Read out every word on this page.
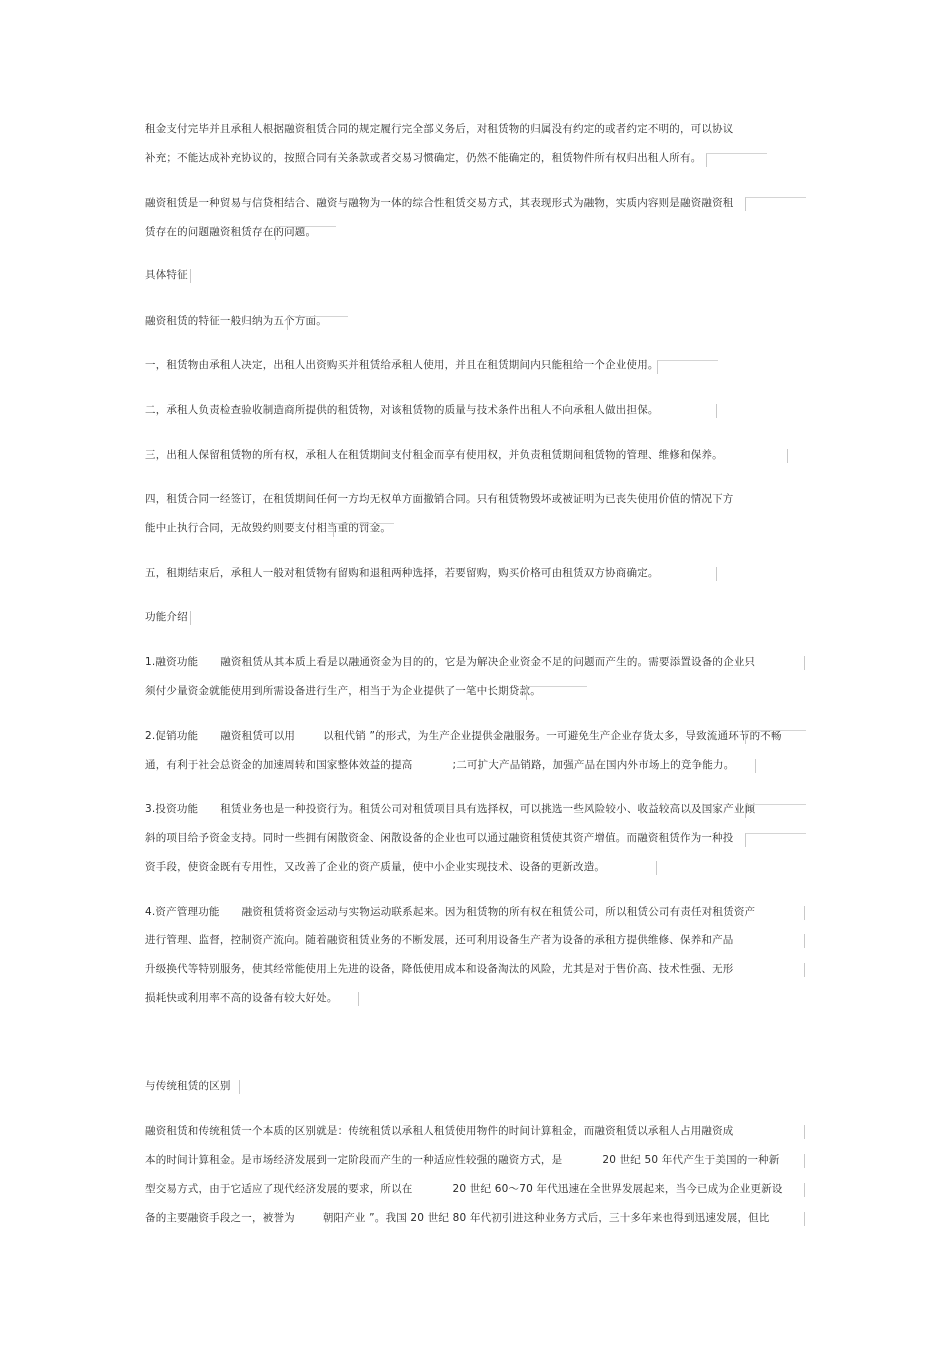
租金支付完毕并且承租人根据融资租赁合同的规定履行完全部义务后，对租赁物的归属没有约定的或者约定不明的，可以协议
补充；不能达成补充协议的，按照合同有关条款或者交易习惯确定，仍然不能确定的，租赁物件所有权归出租人所有。
融资租赁是一种贸易与信贷相结合、融资与融物为一体的综合性租赁交易方式，其表现形式为融物，实质内容则是融资融资租
赁存在的问题融资租赁存在的问题。
具体特征
融资租赁的特征一般归纳为五个方面。
一，租赁物由承租人决定，出租人出资购买并租赁给承租人使用，并且在租赁期间内只能租给一个企业使用。
二，承租人负责检查验收制造商所提供的租赁物，对该租赁物的质量与技术条件出租人不向承租人做出担保。
三，出租人保留租赁物的所有权，承租人在租赁期间支付租金而享有使用权，并负责租赁期间租赁物的管理、维修和保养。
四，租赁合同一经签订，在租赁期间任何一方均无权单方面撤销合同。只有租赁物毁坏或被证明为已丧失使用价值的情况下方
能中止执行合同，无故毁约则要支付相当重的罚金。
五，租期结束后，承租人一般对租赁物有留购和退租两种选择，若要留购，购买价格可由租赁双方协商确定。
功能介绍
1.融资功能 融资租赁从其本质上看是以融通资金为目的的，它是为解决企业资金不足的问题而产生的。需要添置设备的企业只
须付少量资金就能使用到所需设备进行生产，相当于为企业提供了一笔中长期贷款。
2.促销功能 融资租赁可以用	以租代销 ”的形式，为生产企业提供金融服务。一可避免生产企业存货太多，导致流通环节的不畅
通，有利于社会总资金的加速周转和国家整体效益的提高	;二可扩大产品销路，加强产品在国内外市场上的竞争能力。
3.投资功能 租赁业务也是一种投资行为。租赁公司对租赁项目具有选择权，可以挑选一些风险较小、收益较高以及国家产业倾
斜的项目给予资金支持。同时一些拥有闲散资金、闲散设备的企业也可以通过融资租赁使其资产增值。而融资租赁作为一种投
资手段，使资金既有专用性，又改善了企业的资产质量，使中小企业实现技术、设备的更新改造。
4.资产管理功能 融资租赁将资金运动与实物运动联系起来。因为租赁物的所有权在租赁公司，所以租赁公司有责任对租赁资产
进行管理、监督，控制资产流向。随着融资租赁业务的不断发展，还可利用设备生产者为设备的承租方提供维修、保养和产品
升级换代等特别服务，使其经常能使用上先进的设备，降低使用成本和设备淘汰的风险，尤其是对于售价高、技术性强、无形
损耗快或利用率不高的设备有较大好处。
与传统租赁的区别
融资租赁和传统租赁一个本质的区别就是：传统租赁以承租人租赁使用物件的时间计算租金，而融资租赁以承租人占用融资成
本的时间计算租金。是市场经济发展到一定阶段而产生的一种适应性较强的融资方式，是	20 世纪 50 年代产生于美国的一种新
型交易方式，由于它适应了现代经济发展的要求，所以在	20 世纪 60～70 年代迅速在全世界发展起来，当今已成为企业更新设
备的主要融资手段之一，被誉为	朝阳产业 ”。我国 20 世纪 80 年代初引进这种业务方式后，三十多年来也得到迅速发展，但比
